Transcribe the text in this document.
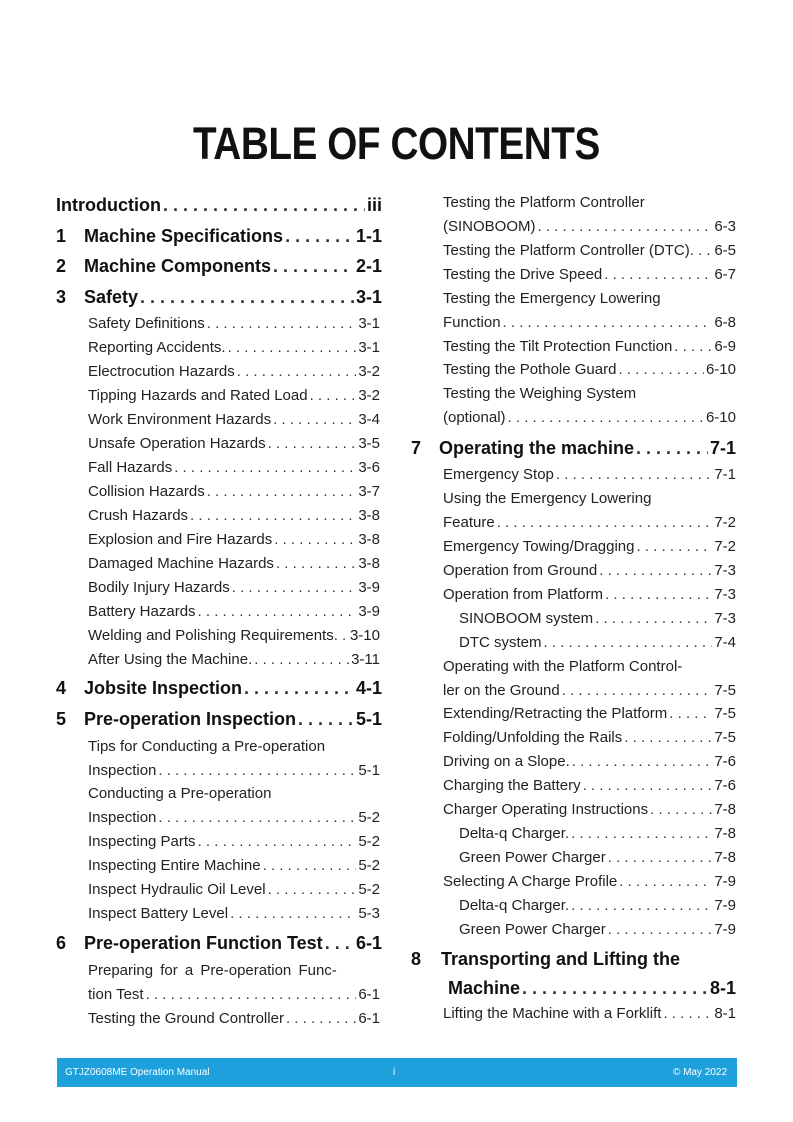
TABLE OF CONTENTS
Introduction . . .	iii
1 Machine Specifications . . .	1-1
2 Machine Components . . .	2-1
3 Safety . . .	3-1
Safety Definitions . . .	3-1
Reporting Accidents. . . .	3-1
Electrocution Hazards . . .	3-2
Tipping Hazards and Rated Load . . .	3-2
Work Environment Hazards . . .	3-4
Unsafe Operation Hazards . . .	3-5
Fall Hazards . . .	3-6
Collision Hazards . . .	3-7
Crush Hazards . . .	3-8
Explosion and Fire Hazards . . .	3-8
Damaged Machine Hazards . . .	3-8
Bodily Injury Hazards . . .	3-9
Battery Hazards . . .	3-9
Welding and Polishing Requirements . . . 3-10
After Using the Machine. . . .	3-11
4 Jobsite Inspection . . .	4-1
5 Pre-operation Inspection . . .	5-1
Tips for Conducting a Pre-operation
Inspection . . .	5-1
Conducting a Pre-operation
Inspection . . .	5-2
Inspecting Parts . . .	5-2
Inspecting Entire Machine . . .	5-2
Inspect Hydraulic Oil Level . . .	5-2
Inspect Battery Level . . .	5-3
6 Pre-operation Function Test . . . 6-1
Preparing for a Pre-operation Func-
tion Test . . .	6-1
Testing the Ground Controller . . .	6-1
Testing the Platform Controller
(SINOBOOM) . . .	6-3
Testing the Platform Controller (DTC) . . . 6-5
Testing the Drive Speed . . .	6-7
Testing the Emergency Lowering
Function . . .	6-8
Testing the Tilt Protection Function . . .	6-9
Testing the Pothole Guard . . .	6-10
Testing the Weighing System
(optional) . . .	6-10
7 Operating the machine . . .	7-1
Emergency Stop . . .	7-1
Using the Emergency Lowering
Feature . . .	7-2
Emergency Towing/Dragging . . .	7-2
Operation from Ground . . .	7-3
Operation from Platform . . .	7-3
SINOBOOM system . . .	7-3
DTC system . . .	7-4
Operating with the Platform Control-
ler on the Ground . . .	7-5
Extending/Retracting the Platform . . .	7-5
Folding/Unfolding the Rails . . .	7-5
Driving on a Slope. . . .	7-6
Charging the Battery . . .	7-6
Charger Operating Instructions . . .	7-8
Delta-q Charger. . . .	7-8
Green Power Charger . . .	7-8
Selecting A Charge Profile . . .	7-9
Delta-q Charger. . . .	7-9
Green Power Charger . . .	7-9
8 Transporting and Lifting the
Machine . . .	8-1
Lifting the Machine with a Forklift . . .	8-1
GTJZ0608ME Operation Manual	i	© May 2022
